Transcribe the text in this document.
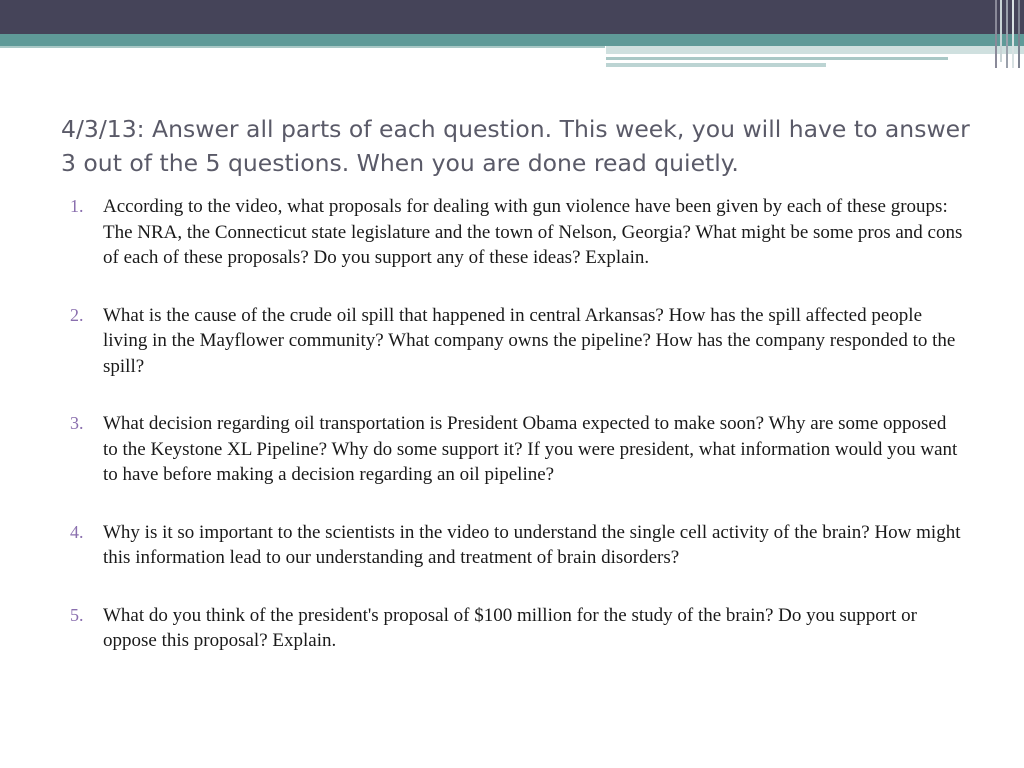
4/3/13: Answer all parts of each question. This week, you will have to answer 3 out of the 5 questions. When you are done read quietly.
1.	According to the video, what proposals for dealing with gun violence have been given by each of these groups: The NRA, the Connecticut state legislature and the town of Nelson, Georgia? What might be some pros and cons of each of these proposals? Do you support any of these ideas? Explain.
2.	What is the cause of the crude oil spill that happened in central Arkansas? How has the spill affected people living in the Mayflower community? What company owns the pipeline? How has the company responded to the spill?
3.	What decision regarding oil transportation is President Obama expected to make soon? Why are some opposed to the Keystone XL Pipeline? Why do some support it? If you were president, what information would you want to have before making a decision regarding an oil pipeline?
4.	Why is it so important to the scientists in the video to understand the single cell activity of the brain? How might this information lead to our understanding and treatment of brain disorders?
5.	What do you think of the president's proposal of $100 million for the study of the brain? Do you support or oppose this proposal? Explain.
